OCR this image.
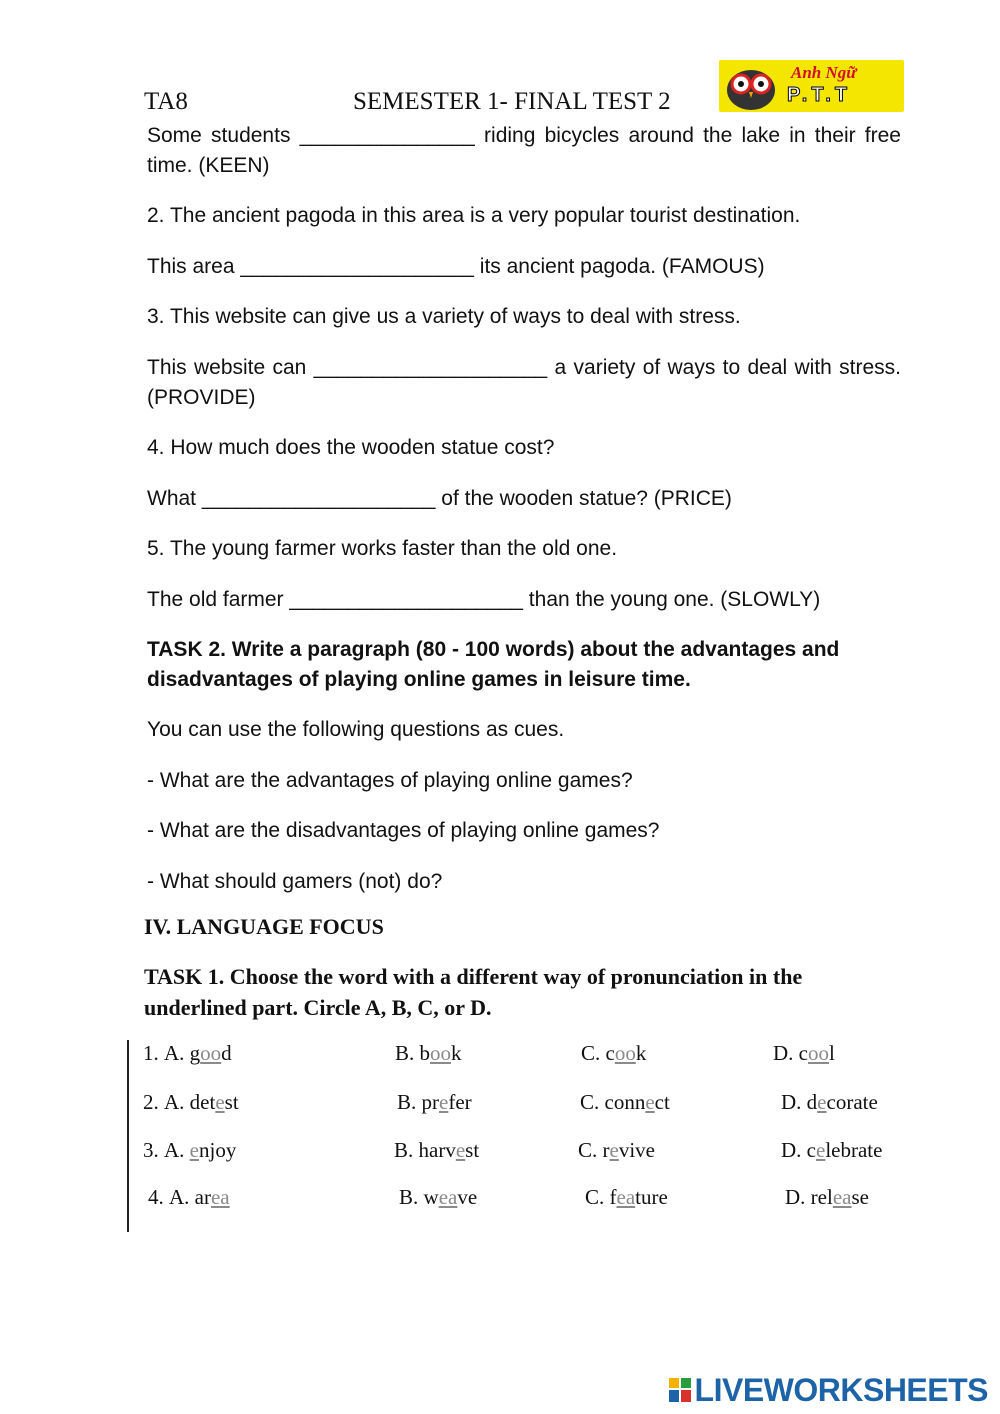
TA8	SEMESTER 1- FINAL TEST 2
Anh Ngữ
P.T.T
Some students _______________ riding bicycles around the lake in their free time. (KEEN)
2. The ancient pagoda in this area is a very popular tourist destination.
This area ____________________ its ancient pagoda. (FAMOUS)
3. This website can give us a variety of ways to deal with stress.
This website can ____________________ a variety of ways to deal with stress. (PROVIDE)
4. How much does the wooden statue cost?
What ____________________ of the wooden statue? (PRICE)
5. The young farmer works faster than the old one.
The old farmer ____________________ than the young one. (SLOWLY)
TASK 2. Write a paragraph (80 - 100 words) about the advantages and disadvantages of playing online games in leisure time.
You can use the following questions as cues.
- What are the advantages of playing online games?
- What are the disadvantages of playing online games?
- What should gamers (not) do?
IV. LANGUAGE FOCUS
TASK 1. Choose the word with a different way of pronunciation in the underlined part. Circle A, B, C, or D.
1. A. good	B. book	C. cook	D. cool
2. A. detest	B. prefer	C. connect	D. decorate
3. A. enjoy	B. harvest	C. revive	D. celebrate
4. A. area	B. weave	C. feature	D. release
LIVEWORKSHEETS
